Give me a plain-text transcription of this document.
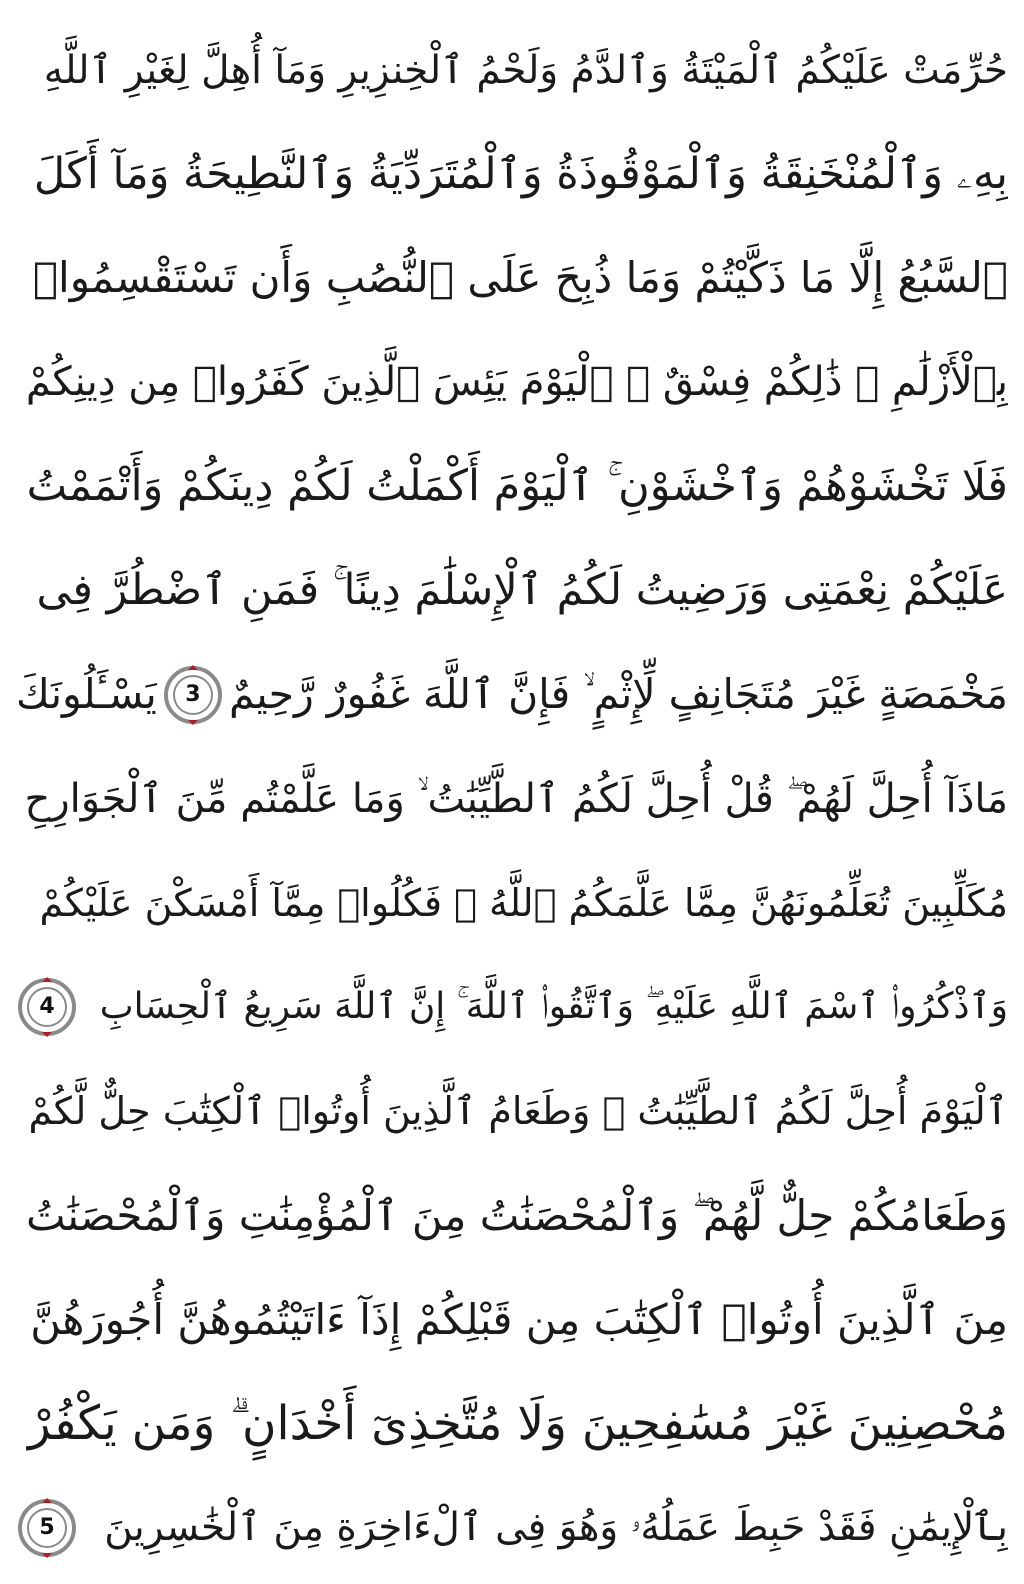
حُرِّمَتْ عَلَيْكُمُ ٱلْمَيْتَةُ وَٱلدَّمُ وَلَحْمُ ٱلْخِنزِيرِ وَمَآ أُهِلَّ لِغَيْرِ ٱللَّهِ
بِهِۦ وَٱلْمُنْخَنِقَةُ وَٱلْمَوْقُوذَةُ وَٱلْمُتَرَدِّيَةُ وَٱلنَّطِيحَةُ وَمَآ أَكَلَ
ٱلسَّبُعُ إِلَّا مَا ذَكَّيْتُمْ وَمَا ذُبِحَ عَلَى ٱلنُّصُبِ وَأَن تَسْتَقْسِمُوا۟
بِٱلْأَزْلَٰمِ ۚ ذَٰلِكُمْ فِسْقٌ ۗ ٱلْيَوْمَ يَئِسَ ٱلَّذِينَ كَفَرُوا۟ مِن دِينِكُمْ
فَلَا تَخْشَوْهُمْ وَٱخْشَوْنِ ۚ ٱلْيَوْمَ أَكْمَلْتُ لَكُمْ دِينَكُمْ وَأَتْمَمْتُ
عَلَيْكُمْ نِعْمَتِى وَرَضِيتُ لَكُمُ ٱلْإِسْلَٰمَ دِينًا ۚ فَمَنِ ٱضْطُرَّ فِى
مَخْمَصَةٍ غَيْرَ مُتَجَانِفٍ لِّإِثْمٍ ۙ فَإِنَّ ٱللَّهَ غَفُورٌ رَّحِيمٌ
3
يَسْـَٔلُونَكَ
مَاذَآ أُحِلَّ لَهُمْ ۖ قُلْ أُحِلَّ لَكُمُ ٱلطَّيِّبَٰتُ ۙ وَمَا عَلَّمْتُم مِّنَ ٱلْجَوَارِحِ
مُكَلِّبِينَ تُعَلِّمُونَهُنَّ مِمَّا عَلَّمَكُمُ ٱللَّهُ ۖ فَكُلُوا۟ مِمَّآ أَمْسَكْنَ عَلَيْكُمْ
وَٱذْكُرُوا۟ ٱسْمَ ٱللَّهِ عَلَيْهِ ۖ وَٱتَّقُوا۟ ٱللَّهَ ۚ إِنَّ ٱللَّهَ سَرِيعُ ٱلْحِسَابِ
4
ٱلْيَوْمَ أُحِلَّ لَكُمُ ٱلطَّيِّبَٰتُ ۖ وَطَعَامُ ٱلَّذِينَ أُوتُوا۟ ٱلْكِتَٰبَ حِلٌّ لَّكُمْ
وَطَعَامُكُمْ حِلٌّ لَّهُمْ ۖ وَٱلْمُحْصَنَٰتُ مِنَ ٱلْمُؤْمِنَٰتِ وَٱلْمُحْصَنَٰتُ
مِنَ ٱلَّذِينَ أُوتُوا۟ ٱلْكِتَٰبَ مِن قَبْلِكُمْ إِذَآ ءَاتَيْتُمُوهُنَّ أُجُورَهُنَّ
مُحْصِنِينَ غَيْرَ مُسَٰفِحِينَ وَلَا مُتَّخِذِىٓ أَخْدَانٍ ۗ وَمَن يَكْفُرْ
بِٱلْإِيمَٰنِ فَقَدْ حَبِطَ عَمَلُهُۥ وَهُوَ فِى ٱلْءَاخِرَةِ مِنَ ٱلْخَٰسِرِينَ
5
